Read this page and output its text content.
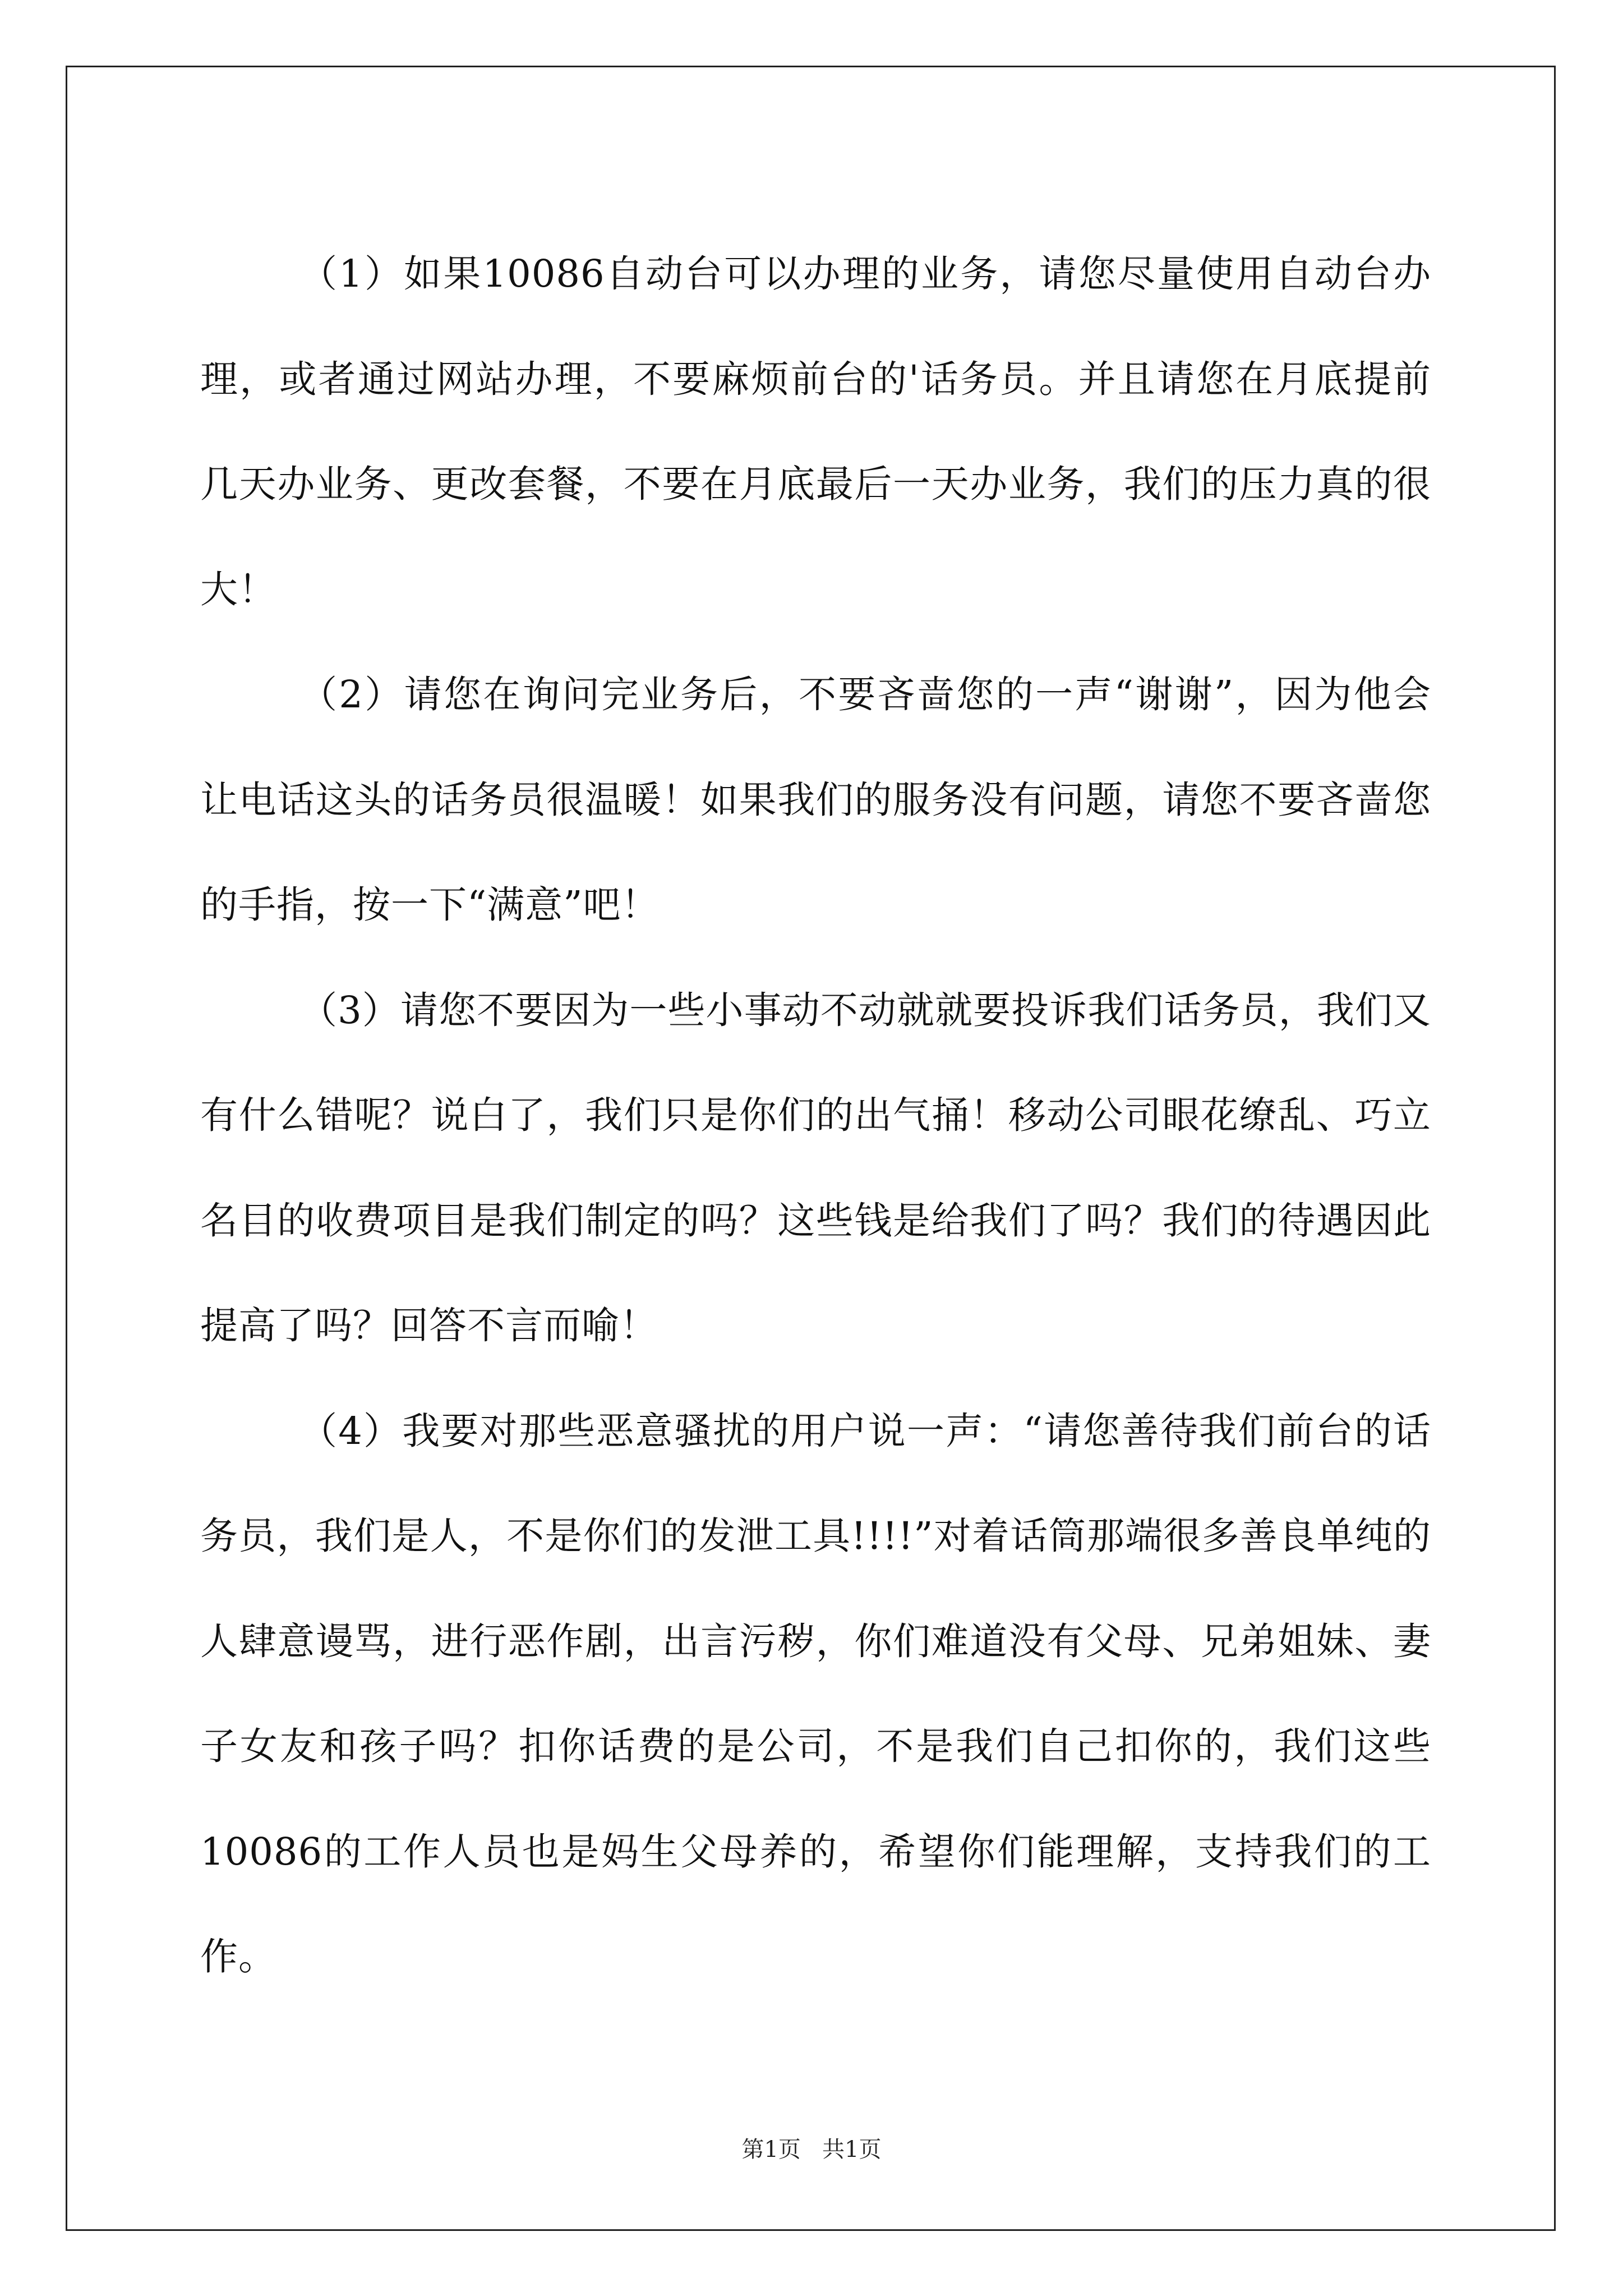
（1）如果10086自动台可以办理的业务，请您尽量使用自动台办理，或者通过网站办理，不要麻烦前台的'话务员。并且请您在月底提前几天办业务、更改套餐，不要在月底最后一天办业务，我们的压力真的很大！

（2）请您在询问完业务后，不要吝啬您的一声“谢谢”，因为他会让电话这头的话务员很温暖！如果我们的服务没有问题，请您不要吝啬您的手指，按一下“满意”吧！

（3）请您不要因为一些小事动不动就就要投诉我们话务员，我们又有什么错呢？说白了，我们只是你们的出气捅！移动公司眼花缭乱、巧立名目的收费项目是我们制定的吗？这些钱是给我们了吗？我们的待遇因此提高了吗？回答不言而喻！

（4）我要对那些恶意骚扰的用户说一声：“请您善待我们前台的话务员，我们是人，不是你们的发泄工具!!!!”对着话筒那端很多善良单纯的人肆意谩骂，进行恶作剧，出言污秽，你们难道没有父母、兄弟姐妹、妻子女友和孩子吗？扣你话费的是公司，不是我们自己扣你的，我们这些10086的工作人员也是妈生父母养的，希望你们能理解，支持我们的工作。

第1页   共1页
